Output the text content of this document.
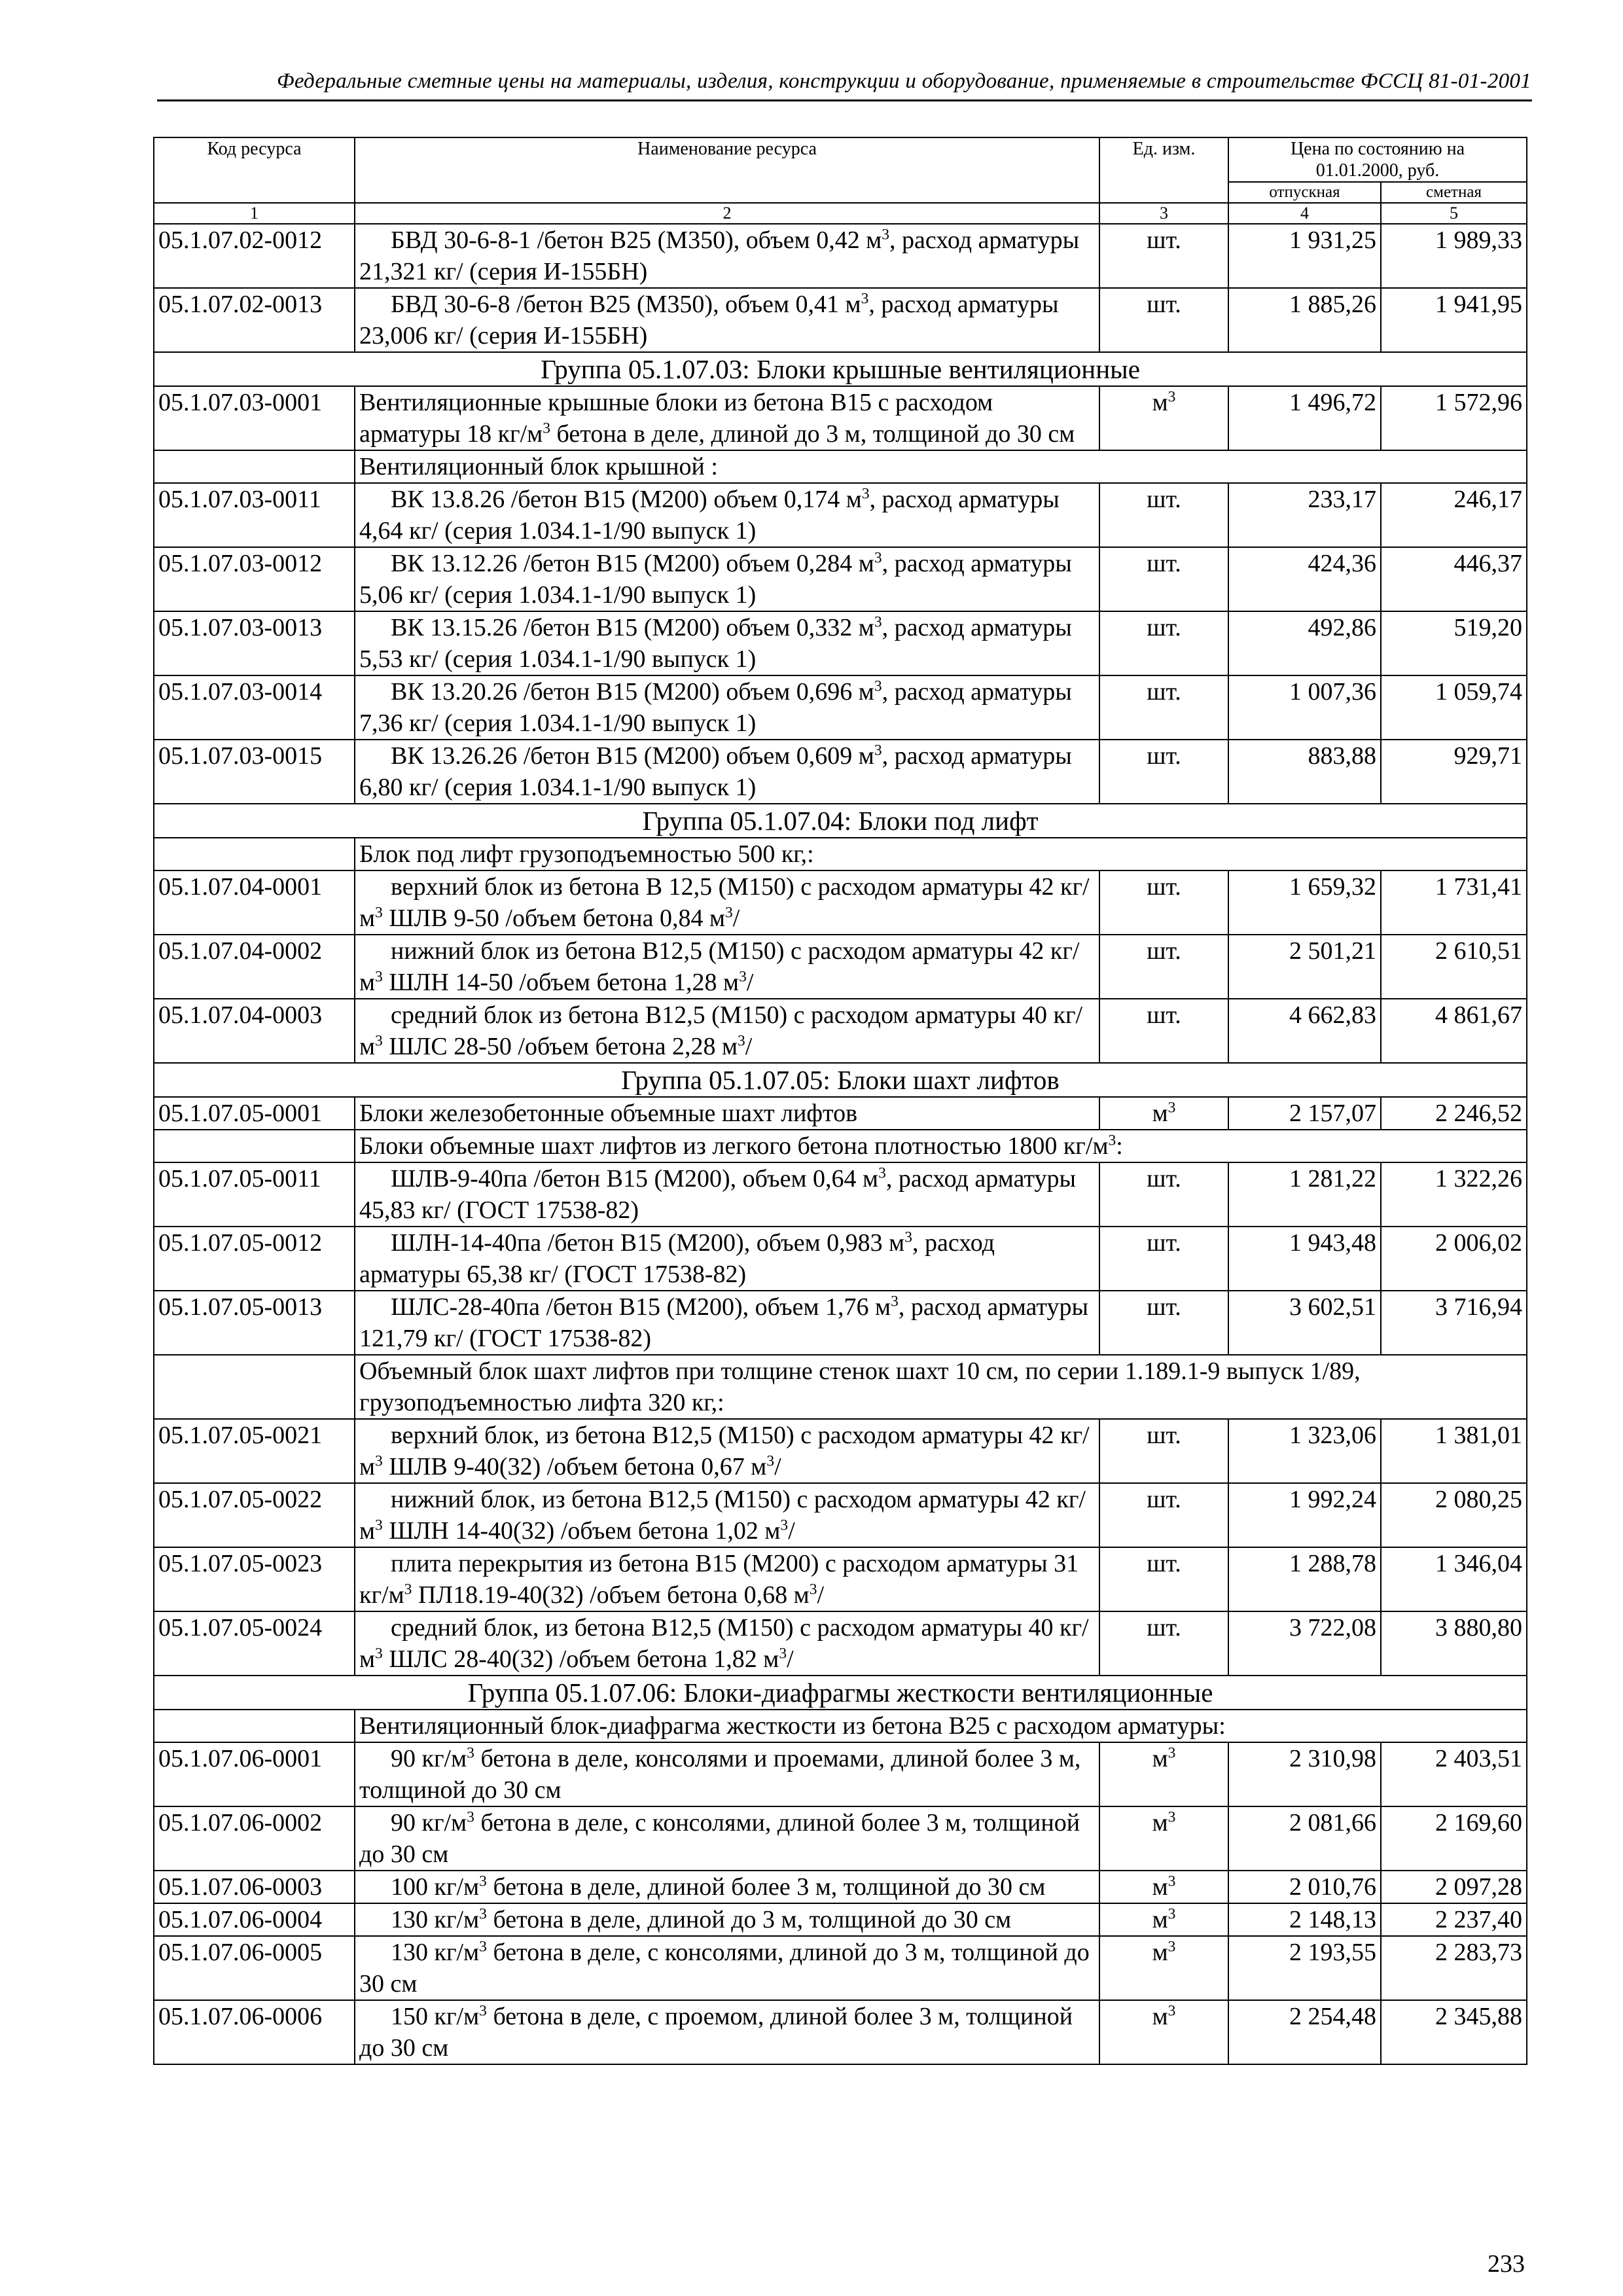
Федеральные сметные цены на материалы, изделия, конструкции и оборудование, применяемые в строительстве ФССЦ 81-01-2001
Код ресурса	Наименование ресурса	Ед. изм.	Цена по состоянию на
01.01.2000, руб.	

			отпускная	сметная
1	2	3	4	5
05.1.07.02-0012	БВД 30-6-8-1 /бетон В25 (М350), объем 0,42 $м^3$, расход арматуры 21,321 кг/ (серия И-155БН)	шт.	1 931,25	1 989,33
05.1.07.02-0013	БВД 30-6-8 /бетон В25 (М350), объем 0,41 $м^3$, расход арматуры 23,006 кг/ (серия И-155БН)	шт.	1 885,26	1 941,95
Группа 05.1.07.03: Блоки крышные вентиляционные				
05.1.07.03-0001	Вентиляционные крышные блоки из бетона В15 с расходом арматуры 18 $кг/м^3$ бетона в деле, длиной до 3 м, толщиной до 30 см	$м^3$	1 496,72	1 572,96
	Вентиляционный блок крышной :			
05.1.07.03-0011	ВК 13.8.26 /бетон В15 (М200) объем 0,174 $м^3$, расход арматуры 4,64 кг/ (серия 1.034.1-1/90 выпуск 1)	шт.	233,17	246,17
05.1.07.03-0012	ВК 13.12.26 /бетон В15 (М200) объем 0,284 $м^3$, расход арматуры 5,06 кг/ (серия 1.034.1-1/90 выпуск 1)	шт.	424,36	446,37
05.1.07.03-0013	ВК 13.15.26 /бетон В15 (М200) объем 0,332 $м^3$, расход арматуры 5,53 кг/ (серия 1.034.1-1/90 выпуск 1)	шт.	492,86	519,20
05.1.07.03-0014	ВК 13.20.26 /бетон В15 (М200) объем 0,696 $м^3$, расход арматуры 7,36 кг/ (серия 1.034.1-1/90 выпуск 1)	шт.	1 007,36	1 059,74
05.1.07.03-0015	ВК 13.26.26 /бетон В15 (М200) объем 0,609 $м^3$, расход арматуры 6,80 кг/ (серия 1.034.1-1/90 выпуск 1)	шт.	883,88	929,71
Группа 05.1.07.04: Блоки под лифт				
	Блок под лифт грузоподъемностью 500 кг,:			
05.1.07.04-0001	верхний блок из бетона В 12,5 (М150) с расходом арматуры 42 $кг/м^3$ ШЛВ 9-50 /объем бетона 0,84 $м^3/$	шт.	1 659,32	1 731,41
05.1.07.04-0002	нижний блок из бетона В12,5 (М150) с расходом арматуры 42 $кг/м^3$ ШЛН 14-50 /объем бетона 1,28 $м^3/$	шт.	2 501,21	2 610,51
05.1.07.04-0003	средний блок из бетона В12,5 (М150) с расходом арматуры 40 $кг/м^3$ ШЛС 28-50 /объем бетона 2,28 $м^3/$	шт.	4 662,83	4 861,67
Группа 05.1.07.05: Блоки шахт лифтов				
05.1.07.05-0001	Блоки железобетонные объемные шахт лифтов	$м^3$	2 157,07	2 246,52
	Блоки объемные шахт лифтов из легкого бетона плотностью 1800 $кг/м^3$:			
05.1.07.05-0011	ШЛВ-9-40па /бетон В15 (М200), объем 0,64 $м^3$, расход арматуры 45,83 кг/ (ГОСТ 17538-82)	шт.	1 281,22	1 322,26
05.1.07.05-0012	ШЛН-14-40па /бетон В15 (М200), объем 0,983 $м^3$, расход арматуры 65,38 кг/ (ГОСТ 17538-82)	шт.	1 943,48	2 006,02
05.1.07.05-0013	ШЛС-28-40па /бетон В15 (М200), объем 1,76 $м^3$, расход арматуры 121,79 кг/ (ГОСТ 17538-82)	шт.	3 602,51	3 716,94
	Объемный блок шахт лифтов при толщине стенок шахт 10 см, по серии 1.189.1-9 выпуск 1/89, грузоподъемностью лифта 320 кг,:			
05.1.07.05-0021	верхний блок, из бетона В12,5 (М150) с расходом арматуры 42 $кг/м^3$ ШЛВ 9-40(32) /объем бетона 0,67 $м^3/$	шт.	1 323,06	1 381,01
05.1.07.05-0022	нижний блок, из бетона В12,5 (М150) с расходом арматуры 42 $кг/м^3$ ШЛН 14-40(32) /объем бетона 1,02 $м^3/$	шт.	1 992,24	2 080,25
05.1.07.05-0023	плита перекрытия из бетона В15 (М200) с расходом арматуры 31 $кг/м^3$ ПЛ18.19-40(32) /объем бетона 0,68 $м^3/$	шт.	1 288,78	1 346,04
05.1.07.05-0024	средний блок, из бетона В12,5 (М150) с расходом арматуры 40 $кг/м^3$ ШЛС 28-40(32) /объем бетона 1,82 $м^3/$	шт.	3 722,08	3 880,80
Группа 05.1.07.06: Блоки-диафрагмы жесткости вентиляционные				
	Вентиляционный блок-диафрагма жесткости из бетона В25 с расходом арматуры:			
05.1.07.06-0001	90 $кг/м^3$ бетона в деле, консолями и проемами, длиной более 3 м, толщиной до 30 см	$м^3$	2 310,98	2 403,51
05.1.07.06-0002	90 $кг/м^3$ бетона в деле, с консолями, длиной более 3 м, толщиной до 30 см	$м^3$	2 081,66	2 169,60
05.1.07.06-0003	100 $кг/м^3$ бетона в деле, длиной более 3 м, толщиной до 30 см	$м^3$	2 010,76	2 097,28
05.1.07.06-0004	130 $кг/м^3$ бетона в деле, длиной до 3 м, толщиной до 30 см	$м^3$	2 148,13	2 237,40
05.1.07.06-0005	130 $кг/м^3$ бетона в деле, с консолями, длиной до 3 м, толщиной до 30 см	$м^3$	2 193,55	2 283,73
05.1.07.06-0006	150 $кг/м^3$ бетона в деле, с проемом, длиной более 3 м, толщиной до 30 см	$м^3$	2 254,48	2 345,88
233
